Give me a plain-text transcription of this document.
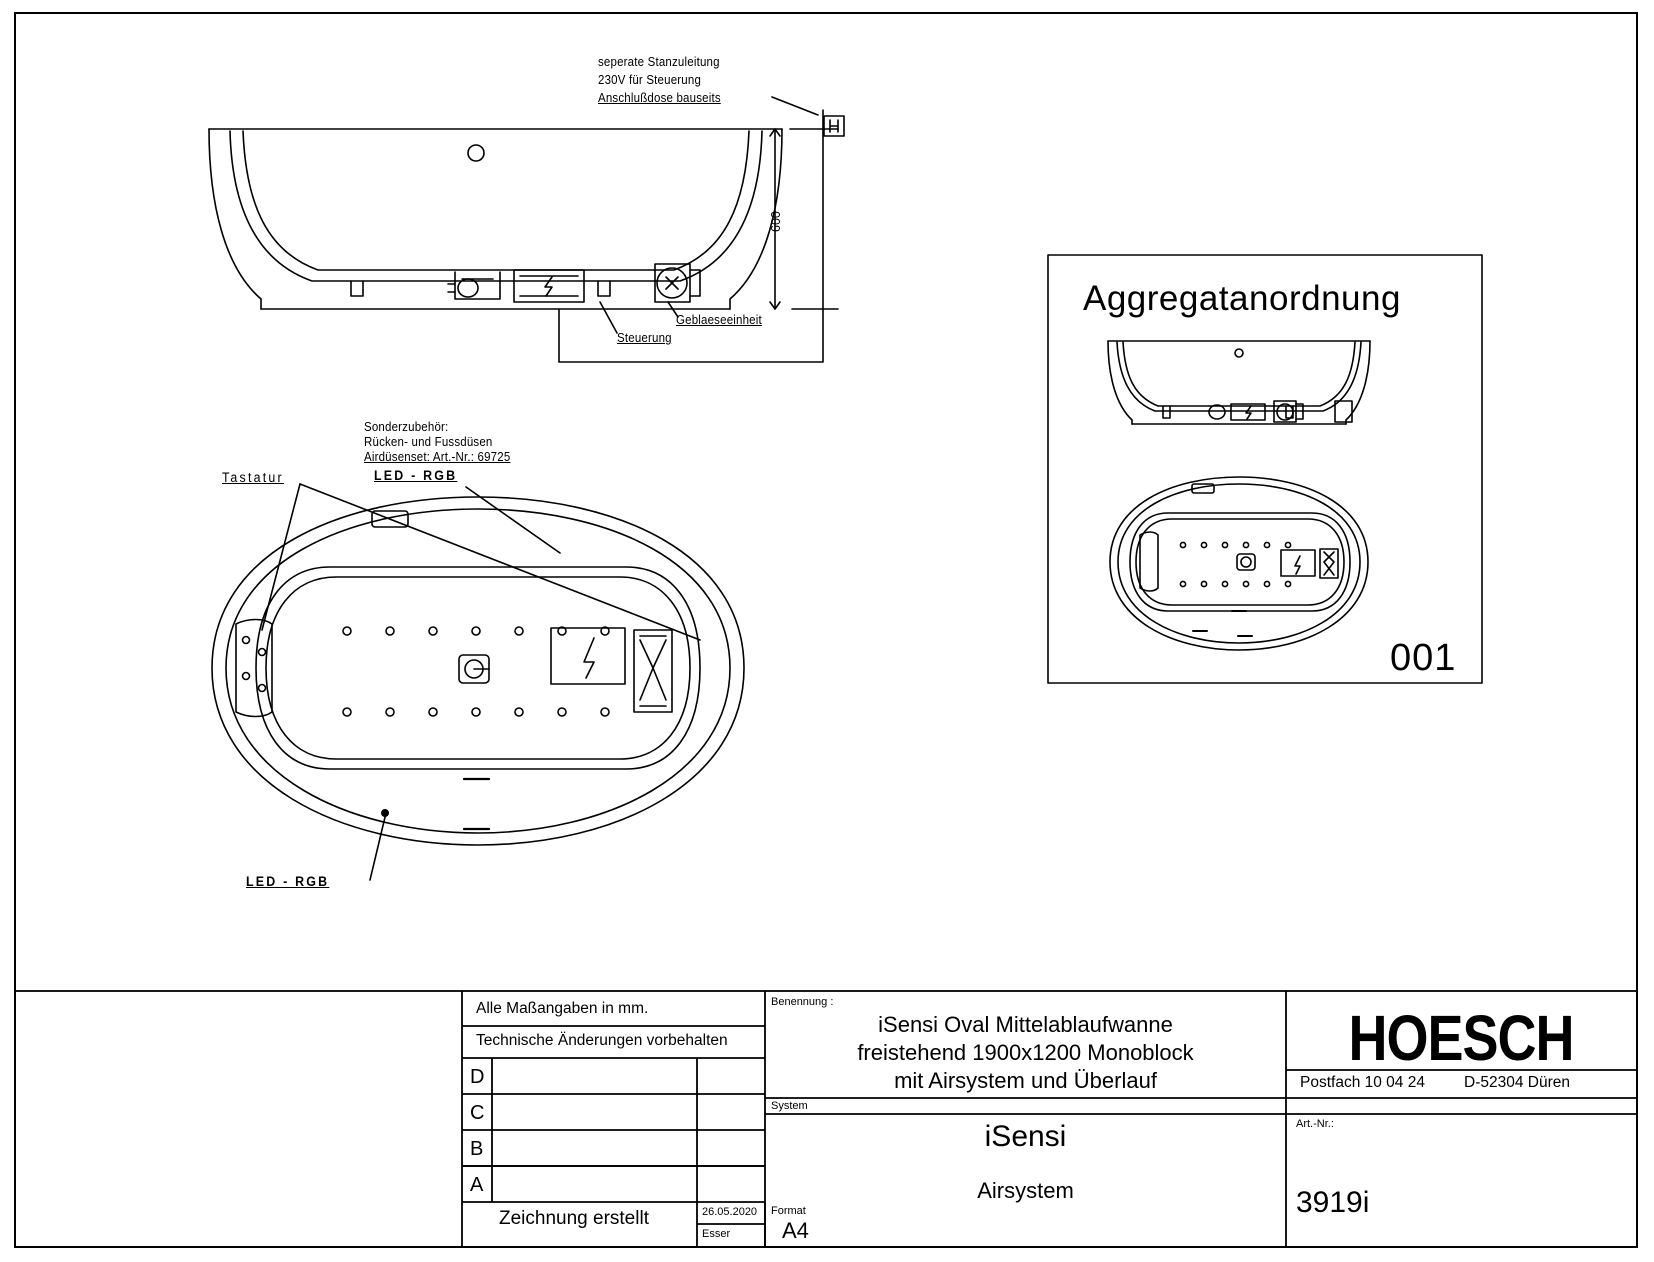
seperate Stanzuleitung
230V für Steuerung
Anschlußdose bauseits
600
Geblaeseeinheit
Steuerung
Sonderzubehör:
Rücken- und Fussdüsen
Airdüsenset: Art.-Nr.: 69725
Tastatur	LED - RGB
LED - RGB
Aggregatanordnung
001
Alle Maßangaben in mm.
Technische Änderungen vorbehalten
D
C
B
A
Zeichnung erstellt	26.05.2020
Esser
Format
A4
Benennung :
iSensi Oval Mittelablaufwanne
freistehend 1900x1200 Monoblock
mit Airsystem und Überlauf
System
iSensi
Airsystem
HOESCH
Postfach 10 04 24	D-52304 Düren
Art.-Nr.:
3919i
